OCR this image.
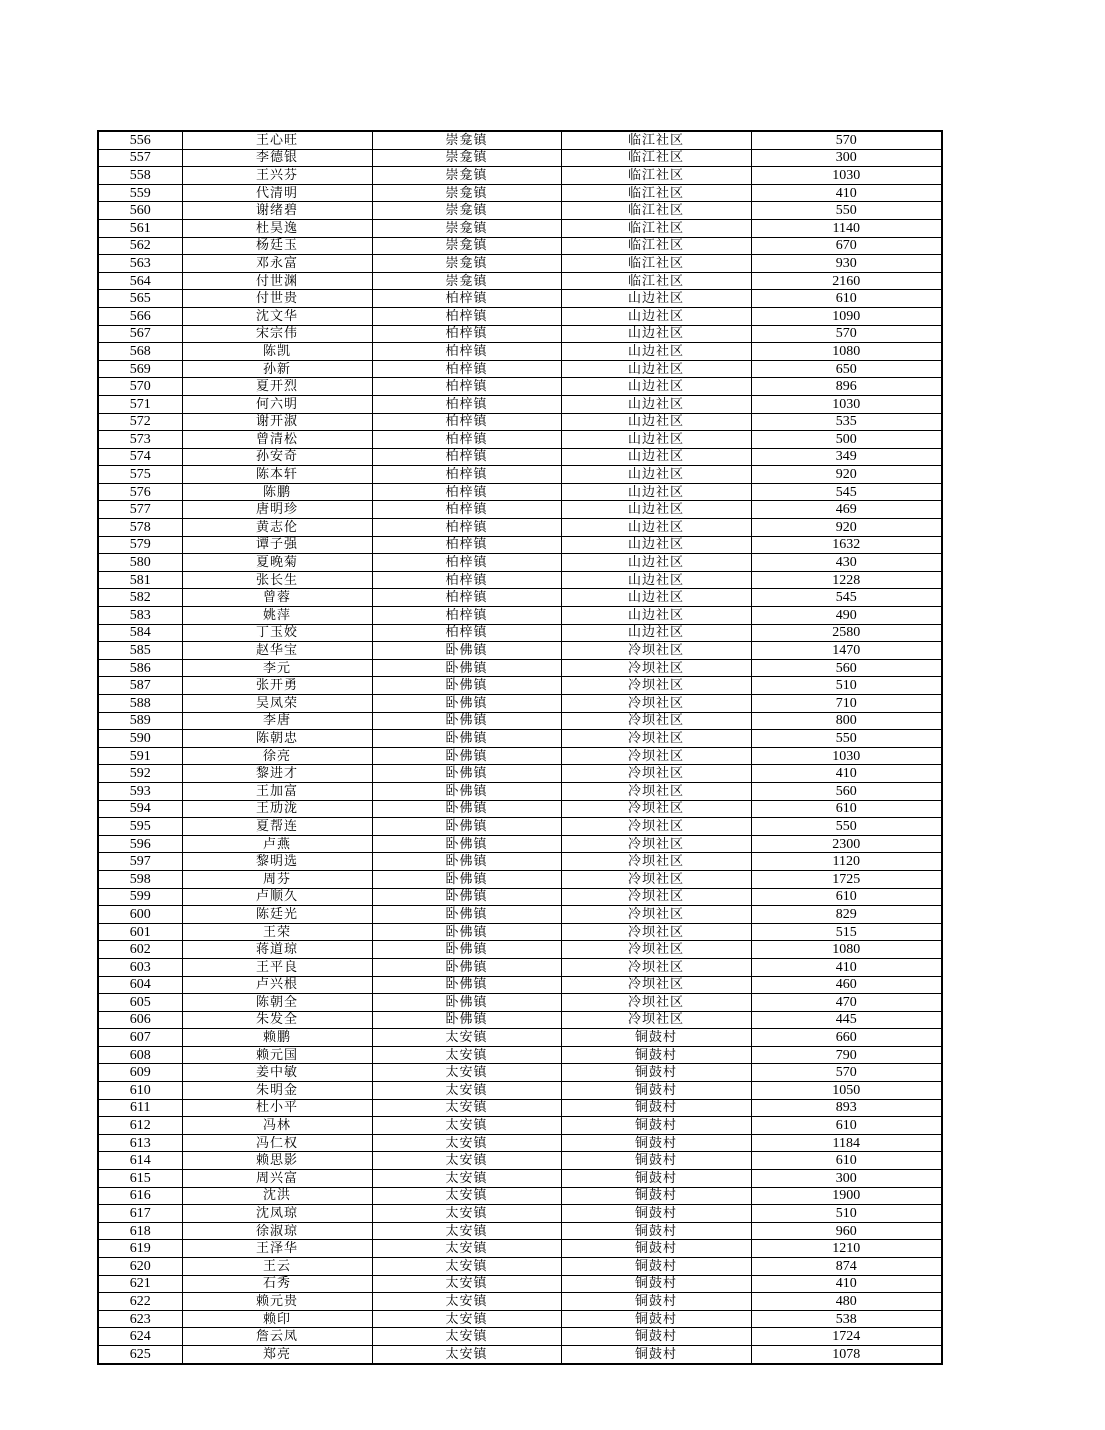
556	王心旺	崇龛镇	临江社区	570
557	李德银	崇龛镇	临江社区	300
558	王兴芬	崇龛镇	临江社区	1030
559	代清明	崇龛镇	临江社区	410
560	谢绪碧	崇龛镇	临江社区	550
561	杜昊逸	崇龛镇	临江社区	1140
562	杨廷玉	崇龛镇	临江社区	670
563	邓永富	崇龛镇	临江社区	930
564	付世渊	崇龛镇	临江社区	2160
565	付世贵	柏梓镇	山边社区	610
566	沈文华	柏梓镇	山边社区	1090
567	宋宗伟	柏梓镇	山边社区	570
568	陈凯	柏梓镇	山边社区	1080
569	孙新	柏梓镇	山边社区	650
570	夏开烈	柏梓镇	山边社区	896
571	何六明	柏梓镇	山边社区	1030
572	谢开淑	柏梓镇	山边社区	535
573	曾清松	柏梓镇	山边社区	500
574	孙安奇	柏梓镇	山边社区	349
575	陈本轩	柏梓镇	山边社区	920
576	陈鹏	柏梓镇	山边社区	545
577	唐明珍	柏梓镇	山边社区	469
578	黄志伦	柏梓镇	山边社区	920
579	谭子强	柏梓镇	山边社区	1632
580	夏晚菊	柏梓镇	山边社区	430
581	张长生	柏梓镇	山边社区	1228
582	曾蓉	柏梓镇	山边社区	545
583	姚萍	柏梓镇	山边社区	490
584	丁玉姣	柏梓镇	山边社区	2580
585	赵华宝	卧佛镇	冷坝社区	1470
586	李元	卧佛镇	冷坝社区	560
587	张开勇	卧佛镇	冷坝社区	510
588	吴凤荣	卧佛镇	冷坝社区	710
589	李唐	卧佛镇	冷坝社区	800
590	陈朝忠	卧佛镇	冷坝社区	550
591	徐亮	卧佛镇	冷坝社区	1030
592	黎进才	卧佛镇	冷坝社区	410
593	王加富	卧佛镇	冷坝社区	560
594	王劢泷	卧佛镇	冷坝社区	610
595	夏帮连	卧佛镇	冷坝社区	550
596	卢燕	卧佛镇	冷坝社区	2300
597	黎明选	卧佛镇	冷坝社区	1120
598	周芬	卧佛镇	冷坝社区	1725
599	卢顺久	卧佛镇	冷坝社区	610
600	陈廷光	卧佛镇	冷坝社区	829
601	王荣	卧佛镇	冷坝社区	515
602	蒋道琼	卧佛镇	冷坝社区	1080
603	王平良	卧佛镇	冷坝社区	410
604	卢兴根	卧佛镇	冷坝社区	460
605	陈朝全	卧佛镇	冷坝社区	470
606	朱发全	卧佛镇	冷坝社区	445
607	赖鹏	太安镇	铜鼓村	660
608	赖元国	太安镇	铜鼓村	790
609	姜中敏	太安镇	铜鼓村	570
610	朱明金	太安镇	铜鼓村	1050
611	杜小平	太安镇	铜鼓村	893
612	冯林	太安镇	铜鼓村	610
613	冯仁权	太安镇	铜鼓村	1184
614	赖思影	太安镇	铜鼓村	610
615	周兴富	太安镇	铜鼓村	300
616	沈洪	太安镇	铜鼓村	1900
617	沈凤琼	太安镇	铜鼓村	510
618	徐淑琼	太安镇	铜鼓村	960
619	王泽华	太安镇	铜鼓村	1210
620	王云	太安镇	铜鼓村	874
621	石秀	太安镇	铜鼓村	410
622	赖元贵	太安镇	铜鼓村	480
623	赖印	太安镇	铜鼓村	538
624	詹云凤	太安镇	铜鼓村	1724
625	郑亮	太安镇	铜鼓村	1078
